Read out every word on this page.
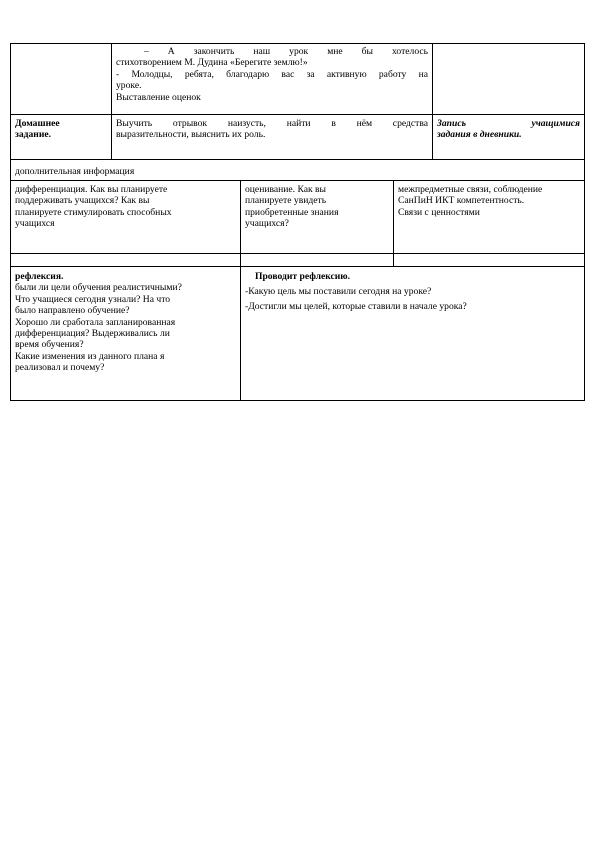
– А закончить наш урок мне бы хотелось

стихотворением М. Дудина «Берегите землю!»

- Молодцы, ребята, благодарю вас за активную работу на

уроке.

Выставление оценок

Домашнее

задание.

Выучить отрывок наизусть, найти в нём средства

выразительности, выяснить их роль.

Запись учащимися

задания в дневники.

дополнительная информация

дифференциация. Как вы планируете

поддерживать учащихся? Как вы

планируете стимулировать способных

учащихся

оценивание. Как вы

планируете увидеть

приобретенные знания

учащихся?

межпредметные связи, соблюдение

СанПиН ИКТ компетентность.

Связи с ценностями

рефлексия.

были ли цели обучения реалистичными?

Что учащиеся сегодня узнали? На что

было направлено обучение?

Хорошо ли сработала запланированная

дифференциация? Выдерживались ли

время обучения?

Какие изменения из данного плана я

реализовал и почему?

Проводит рефлексию.

-Какую цель мы поставили сегодня на уроке?

-Достигли мы целей, которые ставили в начале урока?
